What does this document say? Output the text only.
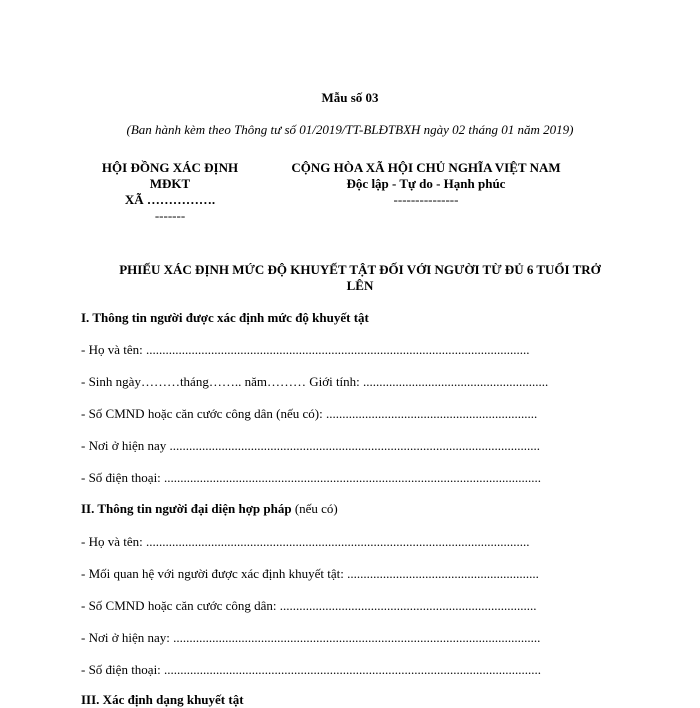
Mẫu số 03
(Ban hành kèm theo Thông tư số 01/2019/TT-BLĐTBXH ngày 02 tháng 01 năm 2019)
HỘI ĐỒNG XÁC ĐỊNH
MĐKT
XÃ …………….
-------
CỘNG HÒA XÃ HỘI CHỦ NGHĨA VIỆT NAM
Độc lập - Tự do - Hạnh phúc
---------------
PHIẾU XÁC ĐỊNH MỨC ĐỘ KHUYẾT TẬT ĐỐI VỚI NGƯỜI TỪ ĐỦ 6 TUỔI TRỞ
LÊN
I. Thông tin người được xác định mức độ khuyết tật
- Họ và tên: ......................................................................................................................
- Sinh ngày………tháng…….. năm……… Giới tính: .........................................................
- Số CMND hoặc căn cước công dân (nếu có): .................................................................
- Nơi ở hiện nay ..................................................................................................................
- Số điện thoại: ....................................................................................................................
II. Thông tin người đại diện hợp pháp (nếu có)
- Họ và tên: ......................................................................................................................
- Mối quan hệ với người được xác định khuyết tật: ...........................................................
- Số CMND hoặc căn cước công dân: ...............................................................................
- Nơi ở hiện nay: .................................................................................................................
- Số điện thoại: ....................................................................................................................
III. Xác định dạng khuyết tật
